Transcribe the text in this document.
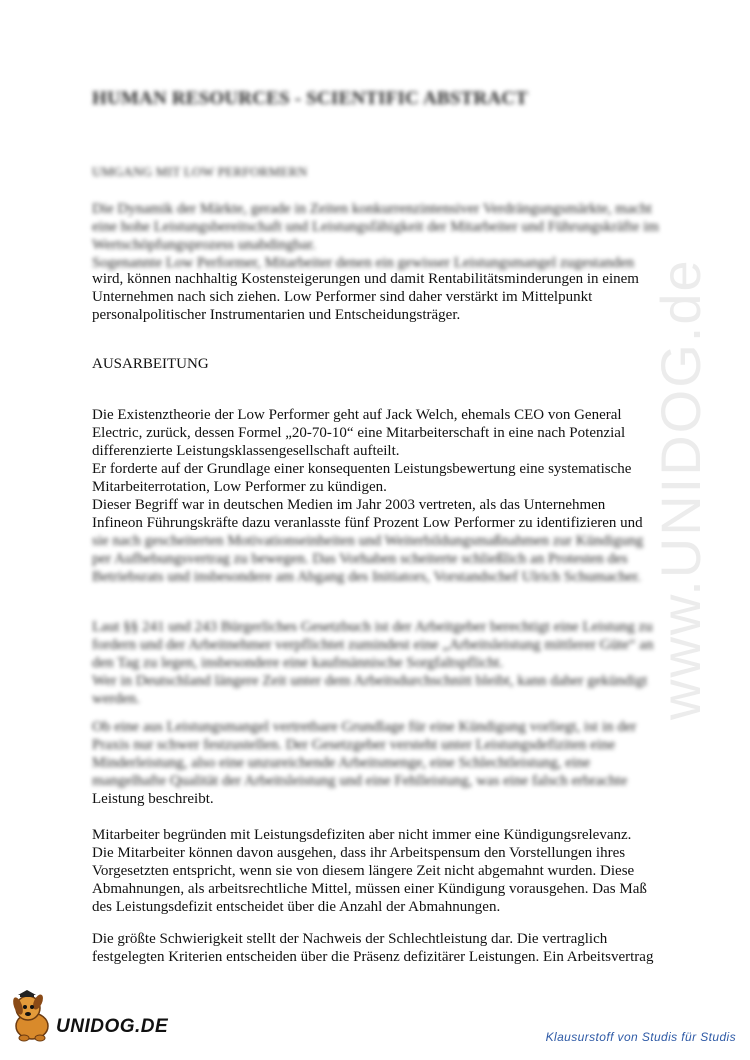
www.UNIDOG.de
HUMAN RESOURCES - SCIENTIFIC ABSTRACT
UMGANG MIT LOW PERFORMERN
Die Dynamik der Märkte, gerade in Zeiten konkurrenzintensiver Verdrängungsmärkte, macht
eine hohe Leistungsbereitschaft und Leistungsfähigkeit der Mitarbeiter und Führungskräfte im
Wertschöpfungsprozess unabdingbar.
Sogenannte Low Performer, Mitarbeiter denen ein gewisser Leistungsmangel zugestanden
wird, können nachhaltig Kostensteigerungen und damit Rentabilitätsminderungen in einem
Unternehmen nach sich ziehen. Low Performer sind daher verstärkt im Mittelpunkt
personalpolitischer Instrumentarien und Entscheidungsträger.
AUSARBEITUNG
Die Existenztheorie der Low Performer geht auf Jack Welch, ehemals CEO von General
Electric, zurück, dessen Formel „20-70-10“ eine Mitarbeiterschaft in eine nach Potenzial
differenzierte Leistungsklassengesellschaft aufteilt.
Er forderte auf der Grundlage einer konsequenten Leistungsbewertung eine systematische
Mitarbeiterrotation, Low Performer zu kündigen.
Dieser Begriff war in deutschen Medien im Jahr 2003 vertreten, als das Unternehmen
Infineon Führungskräfte dazu veranlasste fünf Prozent Low Performer zu identifizieren und
sie nach gescheiterten Motivationseinheiten und Weiterbildungsmaßnahmen zur Kündigung
per Aufhebungsvertrag zu bewegen. Das Vorhaben scheiterte schließlich an Protesten des
Betriebsrats und insbesondere am Abgang des Initiators, Vorstandschef Ulrich Schumacher.
Laut §§ 241 und 243 Bürgerliches Gesetzbuch ist der Arbeitgeber berechtigt eine Leistung zu
fordern und der Arbeitnehmer verpflichtet zumindest eine „Arbeitsleistung mittlerer Güte“ an
den Tag zu legen, insbesondere eine kaufmännische Sorgfaltspflicht.
Wer in Deutschland längere Zeit unter dem Arbeitsdurchschnitt bleibt, kann daher gekündigt
werden.
Ob eine aus Leistungsmangel vertretbare Grundlage für eine Kündigung vorliegt, ist in der
Praxis nur schwer festzustellen. Der Gesetzgeber versteht unter Leistungsdefiziten eine
Minderleistung, also eine unzureichende Arbeitsmenge, eine Schlechtleistung, eine
mangelhafte Qualität der Arbeitsleistung und eine Fehlleistung, was eine falsch erbrachte
Leistung beschreibt.
Mitarbeiter begründen mit Leistungsdefiziten aber nicht immer eine Kündigungsrelevanz.
Die Mitarbeiter können davon ausgehen, dass ihr Arbeitspensum den Vorstellungen ihres
Vorgesetzten entspricht, wenn sie von diesem längere Zeit nicht abgemahnt wurden. Diese
Abmahnungen, als arbeitsrechtliche Mittel, müssen einer Kündigung vorausgehen. Das Maß
des Leistungsdefizit entscheidet über die Anzahl der Abmahnungen.
Die größte Schwierigkeit stellt der Nachweis der Schlechtleistung dar. Die vertraglich
festgelegten Kriterien entscheiden über die Präsenz defizitärer Leistungen. Ein Arbeitsvertrag
UNIDOG.DE	Klausurstoff von Studis für Studis
